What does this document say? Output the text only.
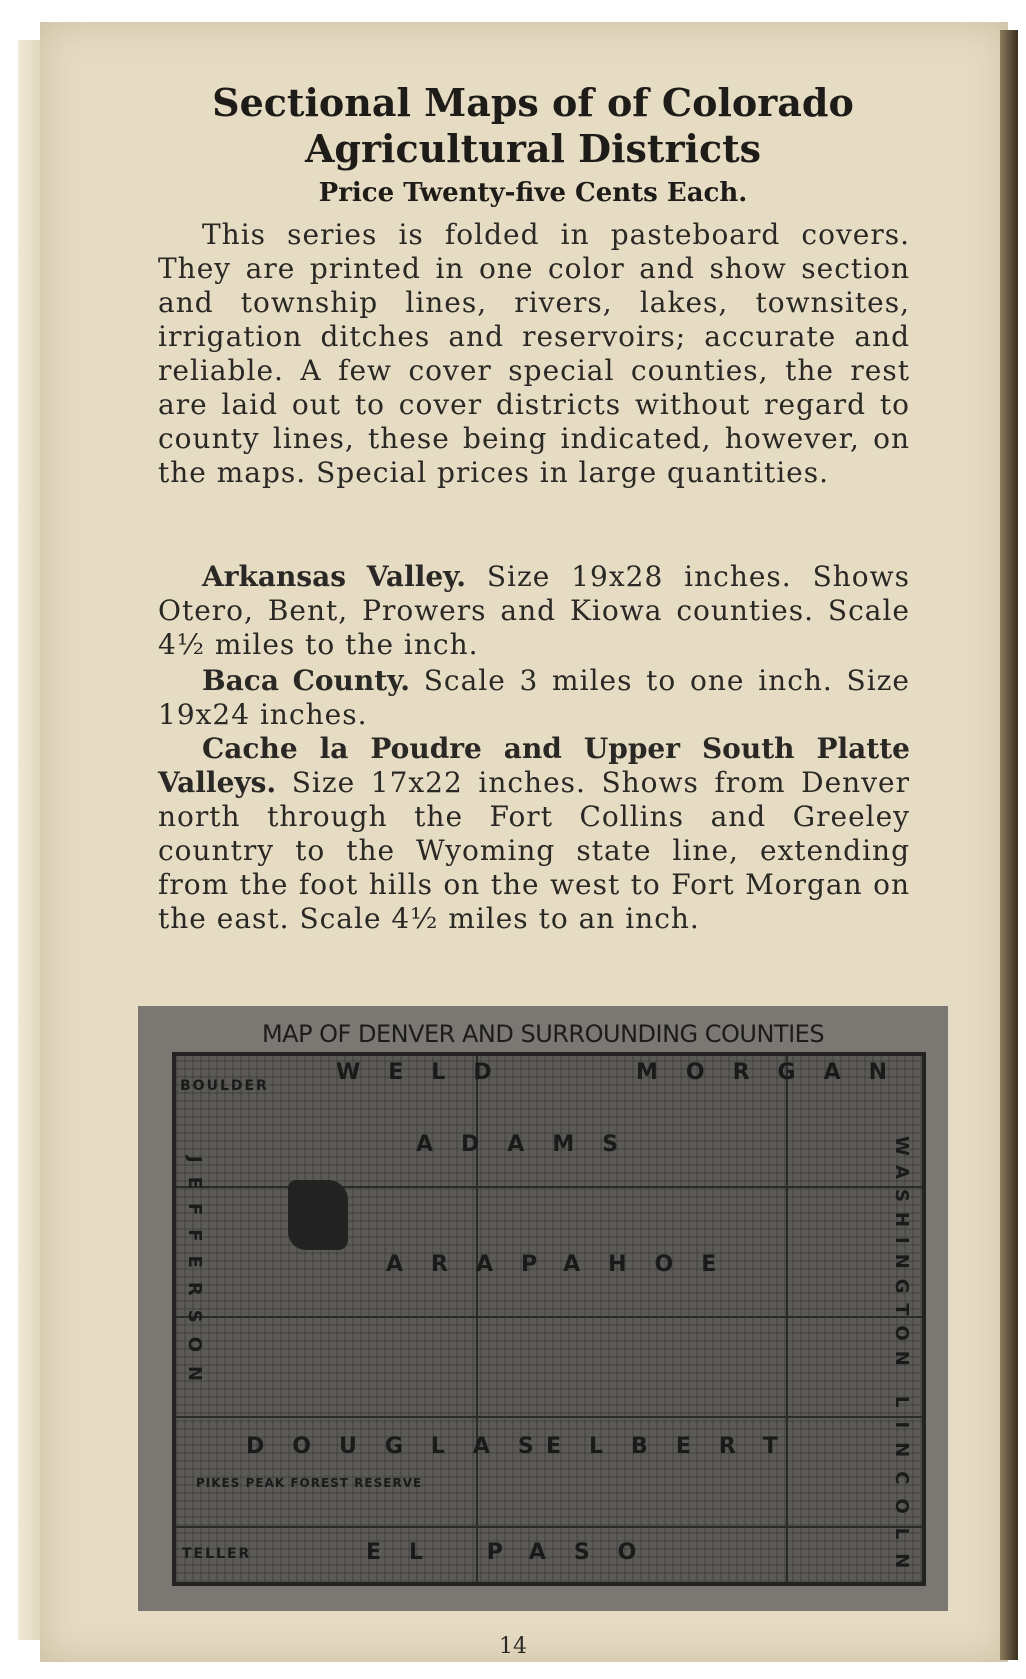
Sectional Maps of of Colorado
Agricultural Districts
Price Twenty-five Cents Each.
This series is folded in pasteboard covers. They are printed in one color and show section and township lines, rivers, lakes, townsites, irrigation ditches and reservoirs; accurate and reliable. A few cover special counties, the rest are laid out to cover districts without regard to county lines, these being indicated, however, on the maps. Special prices in large quantities.
Arkansas Valley. Size 19x28 inches. Shows Otero, Bent, Prowers and Kiowa counties. Scale 4½ miles to the inch.
Baca County. Scale 3 miles to one inch. Size 19x24 inches.
Cache la Poudre and Upper South Platte Valleys. Size 17x22 inches. Shows from Denver north through the Fort Collins and Greeley country to the Wyoming state line, extending from the foot hills on the west to Fort Morgan on the east. Scale 4½ miles to an inch.
MAP OF DENVER AND SURROUNDING COUNTIES
WELD	MORGAN
ADAMS
ARAPAHOE
DOUGLAS
ELBERT
EL PASO
BOULDER
WASHINGTON
LINCOLN
JEFFERSON
PIKES PEAK FOREST RESERVE
TELLER
14
